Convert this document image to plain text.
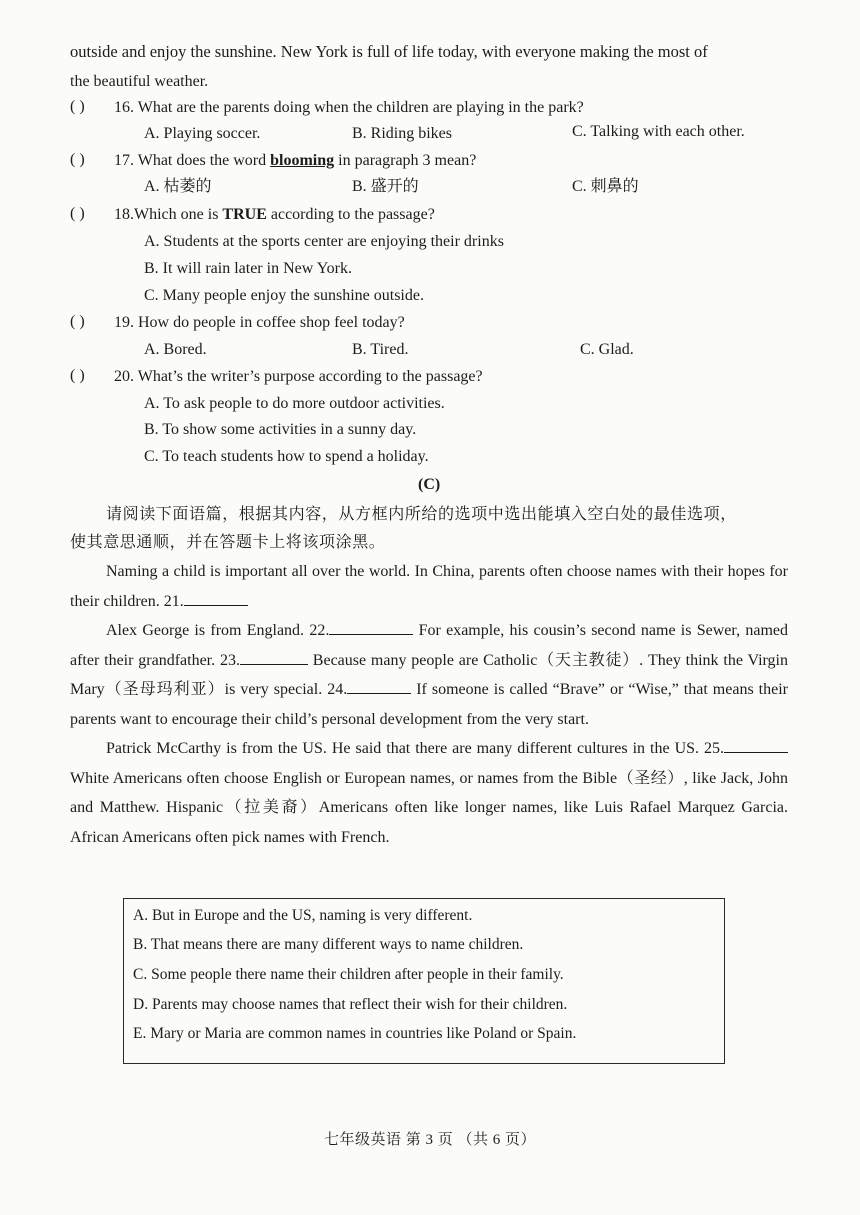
outside and enjoy the sunshine. New York is full of life today, with everyone making the most of
the beautiful weather.
( ) 16. What are the parents doing when the children are playing in the park?
A. Playing soccer.	B. Riding bikes	C. Talking with each other.
( ) 17. What does the word blooming in paragraph 3 mean?
A. 枯萎的	B. 盛开的	C. 刺鼻的
( ) 18.Which one is TRUE according to the passage?
A. Students at the sports center are enjoying their drinks
B. It will rain later in New York.
C. Many people enjoy the sunshine outside.
( ) 19. How do people in coffee shop feel today?
A. Bored.	B. Tired.	C. Glad.
( ) 20. What’s the writer’s purpose according to the passage?
A. To ask people to do more outdoor activities.
B. To show some activities in a sunny day.
C. To teach students how to spend a holiday.
(C)
请阅读下面语篇，根据其内容，从方框内所给的选项中选出能填入空白处的最佳选项，
使其意思通顺，并在答题卡上将该项涂黑。

Naming a child is important all over the world. In China, parents often choose names with their hopes for their children. 21.

Alex George is from England. 22.	For example, his cousin’s second name is Sewer, named after their grandfather. 23.	Because many people are Catholic（天主教徒）. They think the Virgin Mary（圣母玛利亚）is very special. 24.	If someone is called “Brave” or “Wise,” that means their parents want to encourage their child’s personal development from the very start.

Patrick McCarthy is from the US. He said that there are many different cultures in the US. 25. White Americans often choose English or European names, or names from the Bible（圣经）, like Jack, John and Matthew. Hispanic（拉美裔）Americans often like longer names, like Luis Rafael Marquez Garcia. African Americans often pick names with French.

A. But in Europe and the US, naming is very different.
B. That means there are many different ways to name children.
C. Some people there name their children after people in their family.
D. Parents may choose names that reflect their wish for their children.
E. Mary or Maria are common names in countries like Poland or Spain.
七年级英语 第 3 页 （共 6 页）
